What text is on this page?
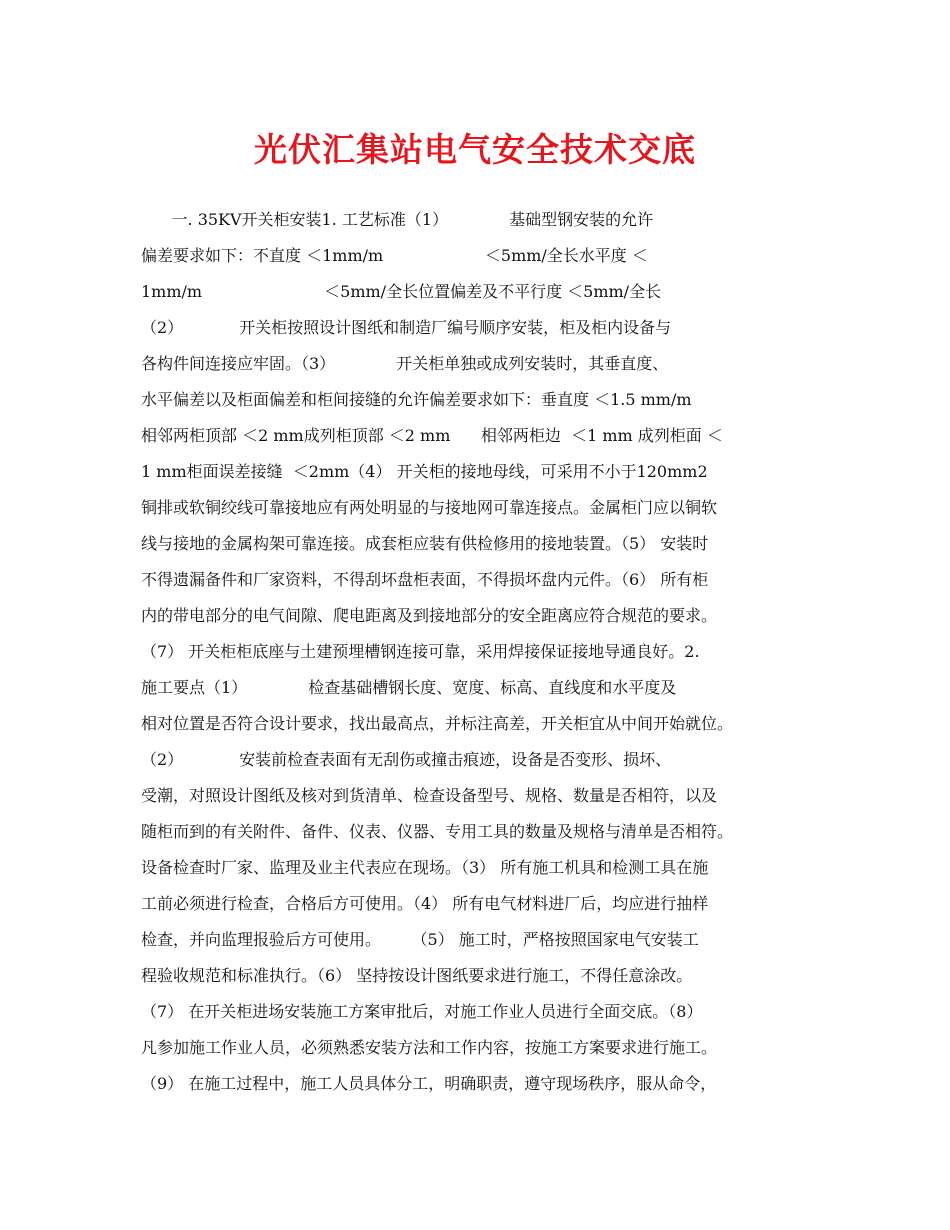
光伏汇集站电气安全技术交底
一. 35KV开关柜安装1. 工艺标准（1）            基础型钢安装的允许
偏差要求如下：不直度 ＜1mm/m                    ＜5mm/全长水平度 ＜
1mm/m                        ＜5mm/全长位置偏差及不平行度 ＜5mm/全长
（2）           开关柜按照设计图纸和制造厂编号顺序安装，柜及柜内设备与
各构件间连接应牢固。（3）            开关柜单独或成列安装时，其垂直度、
水平偏差以及柜面偏差和柜间接缝的允许偏差要求如下：垂直度 ＜1.5 mm/m
相邻两柜顶部 ＜2 mm成列柜顶部 ＜2 mm      相邻两柜边  ＜1 mm 成列柜面 ＜
1 mm柜面误差接缝  ＜2mm（4） 开关柜的接地母线，可采用不小于120mm2
铜排或软铜绞线可靠接地应有两处明显的与接地网可靠连接点。金属柜门应以铜软
线与接地的金属构架可靠连接。成套柜应装有供检修用的接地装置。（5） 安装时
不得遗漏备件和厂家资料，不得刮坏盘柜表面，不得损坏盘内元件。（6） 所有柜
内的带电部分的电气间隙、爬电距离及到接地部分的安全距离应符合规范的要求。
（7） 开关柜柜底座与土建预埋槽钢连接可靠，采用焊接保证接地导通良好。2.
施工要点（1）            检查基础槽钢长度、宽度、标高、直线度和水平度及
相对位置是否符合设计要求，找出最高点，并标注高差，开关柜宜从中间开始就位。
（2）           安装前检查表面有无刮伤或撞击痕迹，设备是否变形、损坏、
受潮，对照设计图纸及核对到货清单、检查设备型号、规格、数量是否相符，以及
随柜而到的有关附件、备件、仪表、仪器、专用工具的数量及规格与清单是否相符。
设备检查时厂家、监理及业主代表应在现场。（3） 所有施工机具和检测工具在施
工前必须进行检查，合格后方可使用。（4） 所有电气材料进厂后，均应进行抽样
检查，并向监理报验后方可使用。      （5） 施工时，严格按照国家电气安装工
程验收规范和标准执行。（6） 坚持按设计图纸要求进行施工，不得任意涂改。
（7） 在开关柜进场安装施工方案审批后，对施工作业人员进行全面交底。（8）
凡参加施工作业人员，必须熟悉安装方法和工作内容，按施工方案要求进行施工。
（9） 在施工过程中，施工人员具体分工，明确职责，遵守现场秩序，服从命令，
